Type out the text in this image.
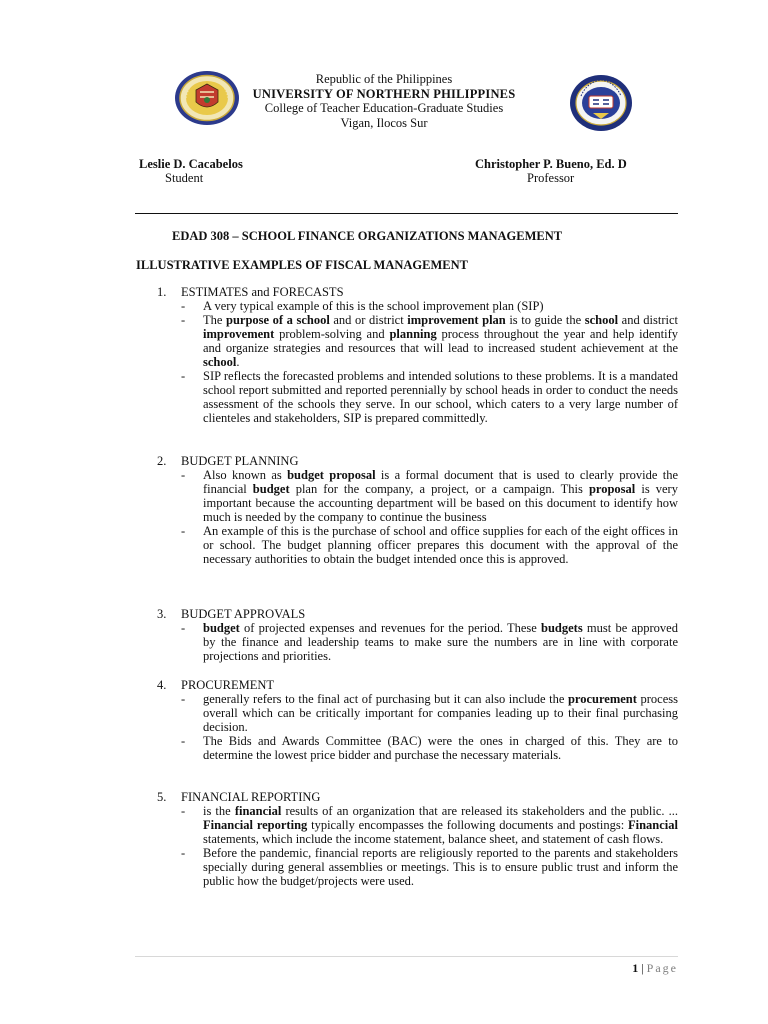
Republic of the Philippines
UNIVERSITY OF NORTHERN PHILIPPINES
College of Teacher Education-Graduate Studies
Vigan, Ilocos Sur
Leslie D. Cacabelos
Student
Christopher P. Bueno, Ed. D
Professor
EDAD 308 – SCHOOL FINANCE ORGANIZATIONS MANAGEMENT
ILLUSTRATIVE EXAMPLES OF FISCAL MANAGEMENT
1. ESTIMATES and FORECASTS
- A very typical example of this is the school improvement plan (SIP)
- The purpose of a school and or district improvement plan is to guide the school and district improvement problem-solving and planning process throughout the year and help identify and organize strategies and resources that will lead to increased student achievement at the school.
- SIP reflects the forecasted problems and intended solutions to these problems. It is a mandated school report submitted and reported perennially by school heads in order to conduct the needs assessment of the schools they serve. In our school, which caters to a very large number of clienteles and stakeholders, SIP is prepared committedly.
2. BUDGET PLANNING
- Also known as budget proposal is a formal document that is used to clearly provide the financial budget plan for the company, a project, or a campaign. This proposal is very important because the accounting department will be based on this document to identify how much is needed by the company to continue the business
- An example of this is the purchase of school and office supplies for each of the eight offices in or school. The budget planning officer prepares this document with the approval of the necessary authorities to obtain the budget intended once this is approved.
3. BUDGET APPROVALS
- budget of projected expenses and revenues for the period. These budgets must be approved by the finance and leadership teams to make sure the numbers are in line with corporate projections and priorities.
4. PROCUREMENT
- generally refers to the final act of purchasing but it can also include the procurement process overall which can be critically important for companies leading up to their final purchasing decision.
- The Bids and Awards Committee (BAC) were the ones in charged of this. They are to determine the lowest price bidder and purchase the necessary materials.
5. FINANCIAL REPORTING
- is the financial results of an organization that are released its stakeholders and the public. ... Financial reporting typically encompasses the following documents and postings: Financial statements, which include the income statement, balance sheet, and statement of cash flows.
- Before the pandemic, financial reports are religiously reported to the parents and stakeholders specially during general assemblies or meetings. This is to ensure public trust and inform the public how the budget/projects were used.
1 | Page
